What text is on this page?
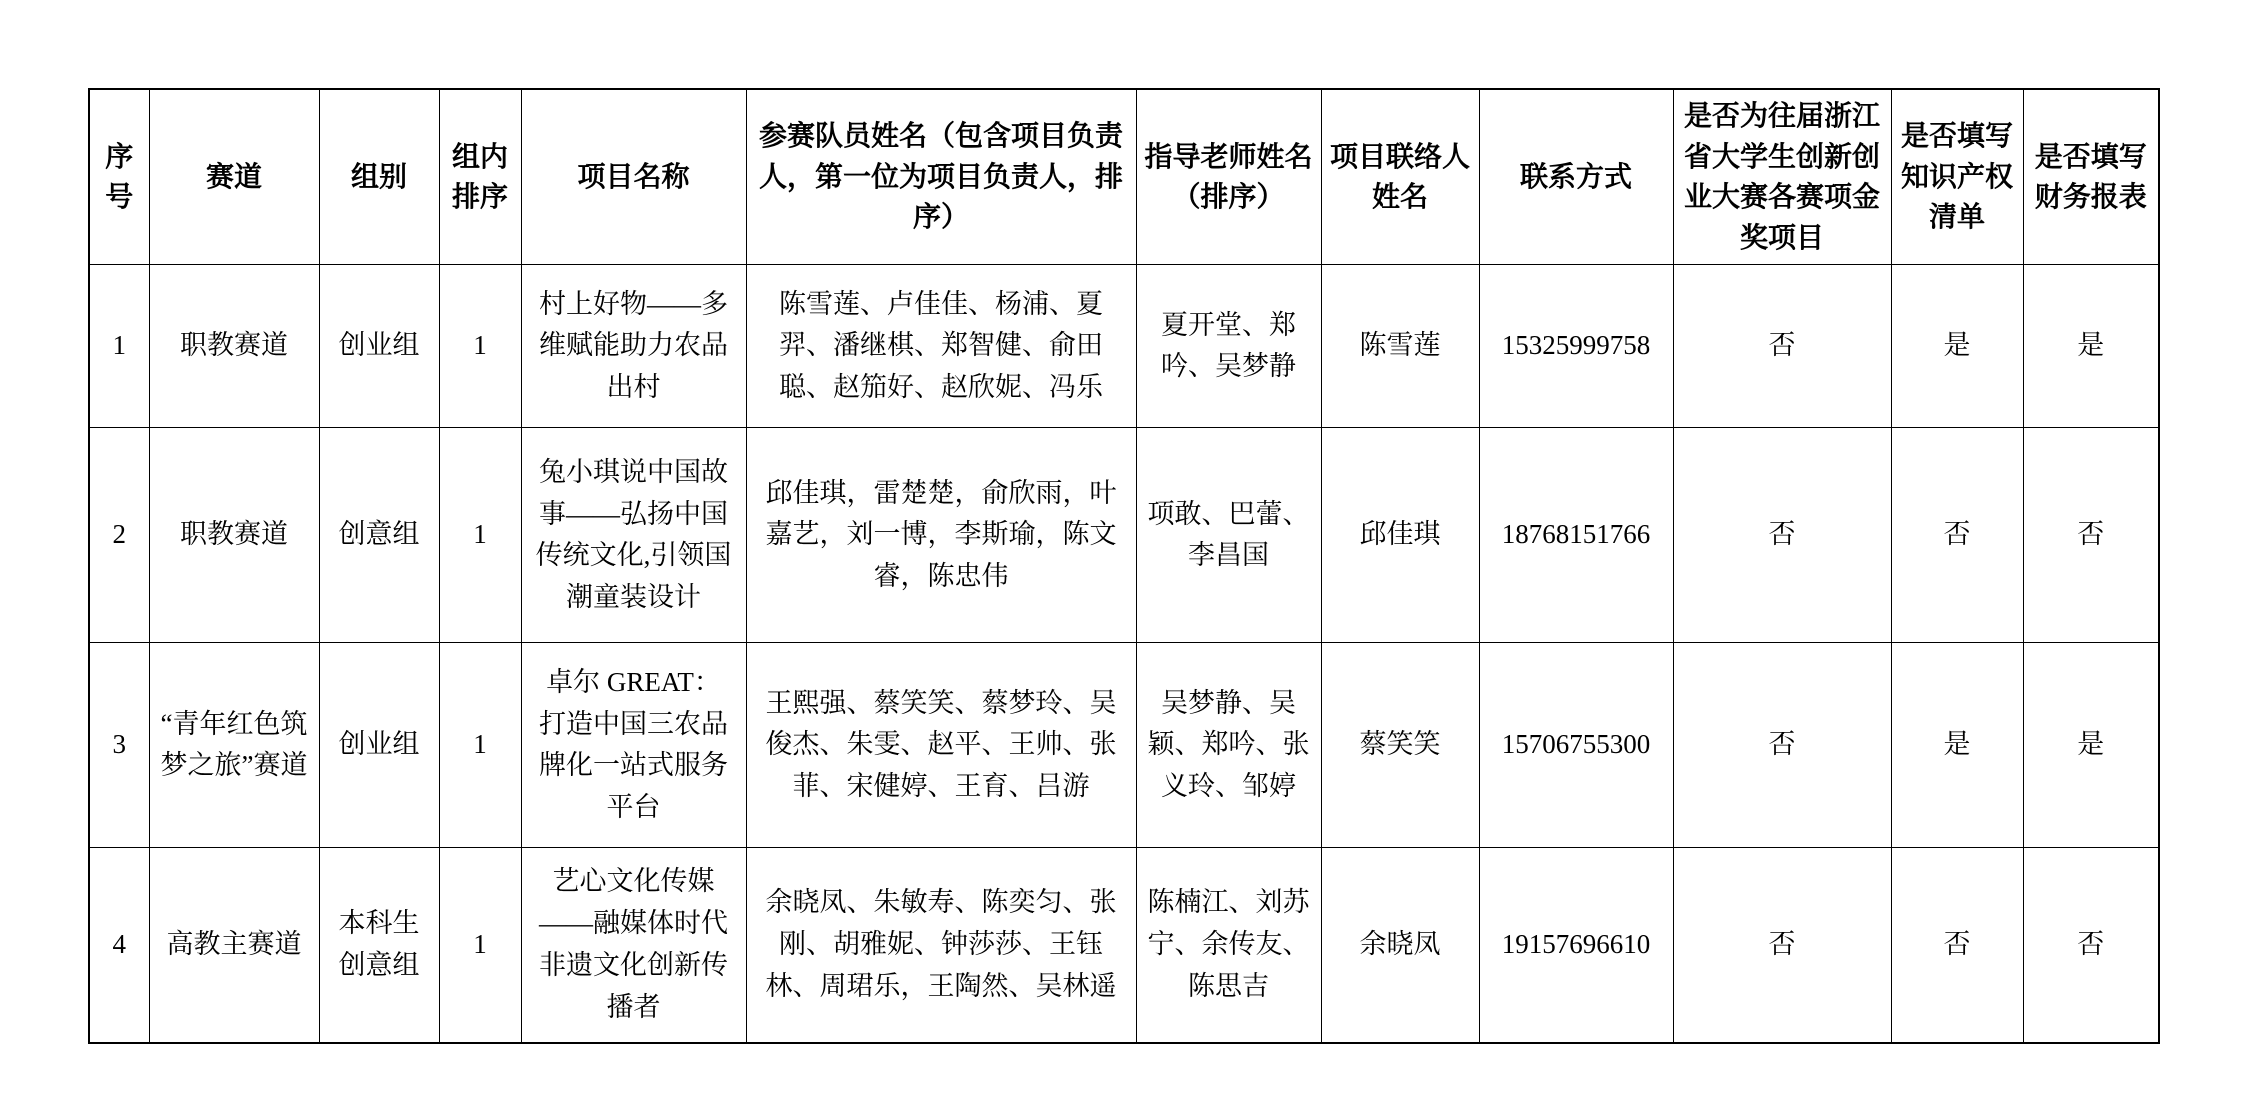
序号	赛道	组别	组内排序	项目名称	参赛队员姓名（包含项目负责人，第一位为项目负责人，排序）	指导老师姓名（排序）	项目联络人姓名	联系方式	是否为往届浙江省大学生创新创业大赛各赛项金奖项目	是否填写知识产权清单	是否填写财务报表
1	职教赛道	创业组	1	村上好物——多维赋能助力农品出村	陈雪莲、卢佳佳、杨浦、夏羿、潘继棋、郑智健、俞田聪、赵笳好、赵欣妮、冯乐	夏开堂、郑吟、吴梦静	陈雪莲	15325999758	否	是	是
2	职教赛道	创意组	1	兔小琪说中国故事——弘扬中国传统文化,引领国潮童装设计	邱佳琪，雷楚楚，俞欣雨，叶嘉艺，刘一博，李斯瑜，陈文睿，陈忠伟	项敢、巴蕾、李昌国	邱佳琪	18768151766	否	否	否
3	“青年红色筑梦之旅”赛道	创业组	1	卓尔 GREAT： 打造中国三农品牌化一站式服务平台	王熙强、蔡笑笑、蔡梦玲、吴俊杰、朱雯、赵平、王帅、张菲、宋健婷、王育、吕游	吴梦静、吴颖、郑吟、张义玲、邹婷	蔡笑笑	15706755300	否	是	是
4	高教主赛道	本科生创意组	1	艺心文化传媒——融媒体时代非遗文化创新传播者	余晓凤、朱敏寿、陈奕匀、张刚、胡雅妮、钟莎莎、王钰林、周珺乐，王陶然、吴林遥	陈楠江、刘苏宁、余传友、陈思吉	余晓凤	19157696610	否	否	否
